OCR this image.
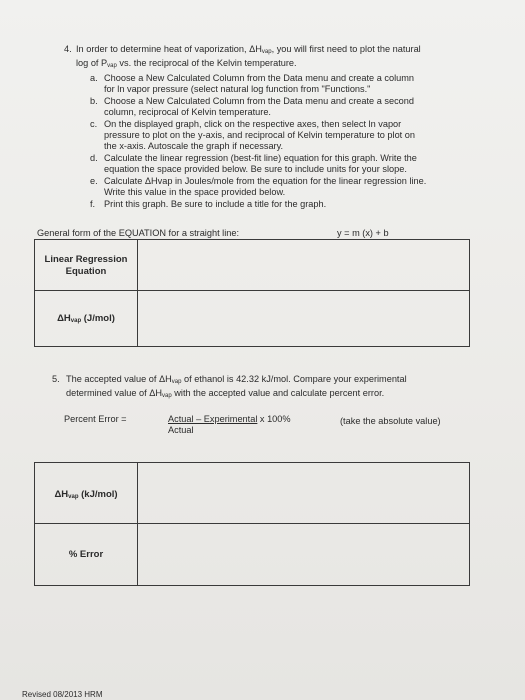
4. In order to determine heat of vaporization, $\Delta H_{vap}$, you will first need to plot the natural
log of $P_{vap}$ vs. the reciprocal of the Kelvin temperature.
a. Choose a New Calculated Column from the Data menu and create a column
for ln vapor pressure (select natural log function from "Functions."
b. Choose a New Calculated Column from the Data menu and create a second
column, reciprocal of Kelvin temperature.
c. On the displayed graph, click on the respective axes, then select ln vapor
pressure to plot on the y-axis, and reciprocal of Kelvin temperature to plot on
the x-axis. Autoscale the graph if necessary.
d. Calculate the linear regression (best-fit line) equation for this graph. Write the
equation the space provided below. Be sure to include units for your slope.
e. Calculate ΔHvap in Joules/mole from the equation for the linear regression line.
Write this value in the space provided below.
f. Print this graph. Be sure to include a title for the graph.
General form of the EQUATION for a straight line:	y = m (x) + b
Linear Regression
Equation
$\Delta H_{vap}$ (J/mol)
5. The accepted value of $\Delta H_{vap}$ of ethanol is 42.32 kJ/mol. Compare your experimental
determined value of $\Delta H_{vap}$ with the accepted value and calculate percent error.
Percent Error =	Actual – Experimental x 100%
Actual
(take the absolute value)
$\Delta H_{vap}$ (kJ/mol)
% Error
Revised 08/2013 HRM
